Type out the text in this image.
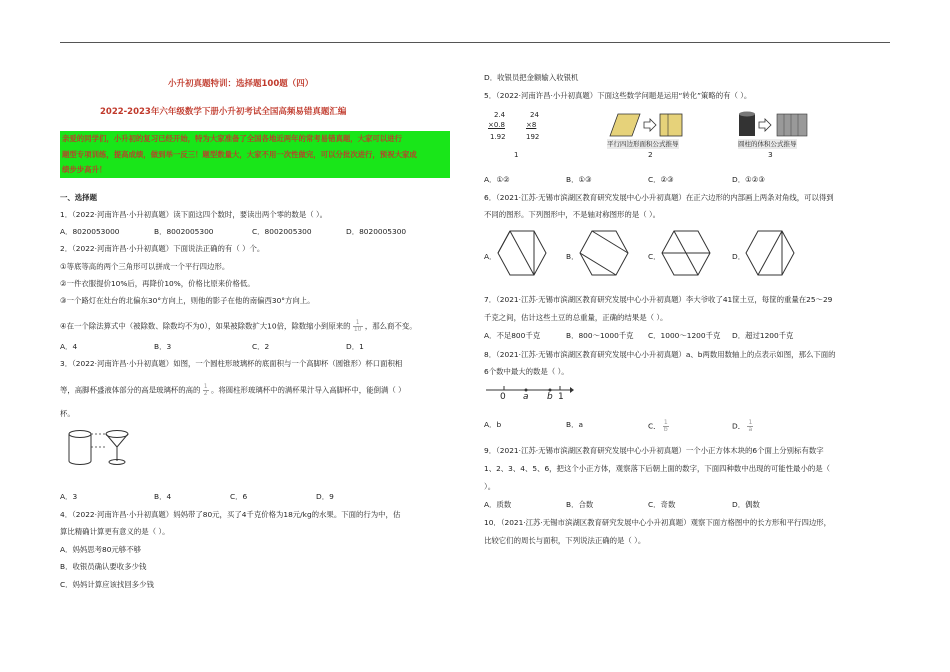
小升初真题特训：选择题100题（四）
2022-2023年六年级数学下册小升初考试全国高频易错真题汇编
亲爱的同学们，小升初的复习已经开始，特为大家准备了全国各地近两年的常考易错真题，大家可以进行
题型专项训练，提高成绩，做到举一反三！题型数量大，大家不用一次性做完，可以分批次进行，预祝大家成
绩步步高升！
一、选择题
1．（2022·河南许昌·小升初真题）读下面这四个数时，要读出两个零的数是（ ）。
A．8020053000	B．8002005300	C．8002005300	D．8020005300
2．（2022·河南许昌·小升初真题）下面说法正确的有（ ）个。
①等底等高的两个三角形可以拼成一个平行四边形。
②一件衣服提价10%后，再降价10%，价格比原来价格低。
③一个路灯在灶台的北偏东30°方向上，则他的影子在他的南偏西30°方向上。
④在一个除法算式中（被除数、除数均不为0），如果被除数扩大10倍，除数缩小到原来的 $\frac{1}{10}$ ，那么商不变。
A．4	B．3	C．2	D．1
3．（2022·河南许昌·小升初真题）如图，一个圆柱形玻璃杯的底面积与一个高脚杯（圆锥形）杯口面积相
等，高脚杯盛液体部分的高是玻璃杯的高的 $\frac{1}{2}$ 。将圆柱形玻璃杯中的满杯果汁导入高脚杯中，能倒满（ ）
杯。
A．3	B．4	C．6	D．9
4．（2022·河南许昌·小升初真题）妈妈带了80元，买了4千克价格为18元/kg的水果。下面的行为中，估
算比精确计算更有意义的是（ ）。
A．妈妈思考80元够不够
B．收银员确认要收多少钱
C．妈妈计算应该找回多少钱
D．收银员把金额输入收银机
5．（2022·河南许昌·小升初真题）下面这些数学问题是运用“转化”策略的有（ ）。
2.4
×0.8
1.92
24
×8
192
1
平行四边形面积公式推导
2
圆柱的体积公式推导
3
A．①②	B．①③	C．②③	D．①②③
6．（2021·江苏·无锡市滨湖区教育研究发展中心小升初真题）在正六边形的内部画上两条对角线，可以得到
不同的图形。下列图形中，不是轴对称图形的是（ ）。
A．	B．	C．	D．
7．（2021·江苏·无锡市滨湖区教育研究发展中心小升初真题）李大爷收了41筐土豆，每筐的重量在25～29
千克之间，估计这些土豆的总重量，正确的结果是（ ）。
A．不足800千克	B．800～1000千克 C．1000～1200千克 D．超过1200千克
8．（2021·江苏·无锡市滨湖区教育研究发展中心小升初真题）a、b两数用数轴上的点表示如图，那么下面的
6个数中最大的数是（ ）。
0 a b 1
A．b	B．a	C． $\frac{1}{b}$	D． $\frac{1}{a}$
9．（2021·江苏·无锡市滨湖区教育研究发展中心小升初真题）一个小正方体木块的6个面上分别标有数字
1、2、3、4、5、6，把这个小正方体，观察落下后朝上面的数字，下面四种数中出现的可能性最小的是（
）。
A．质数	B．合数	C．奇数	D．偶数
10．（2021·江苏·无锡市滨湖区教育研究发展中心小升初真题）观察下面方格图中的长方形和平行四边形，
比较它们的周长与面积，下列说法正确的是（ ）。
